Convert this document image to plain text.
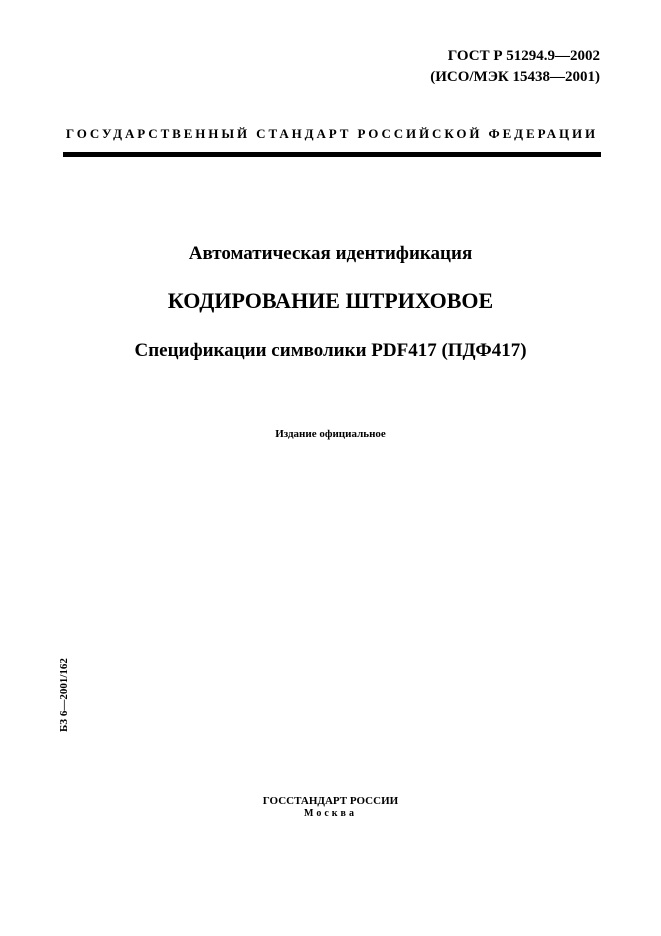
ГОСТ Р 51294.9—2002
(ИСО/МЭК 15438—2001)
ГОСУДАРСТВЕННЫЙ СТАНДАРТ РОССИЙСКОЙ ФЕДЕРАЦИИ
Автоматическая идентификация
КОДИРОВАНИЕ ШТРИХОВОЕ
Спецификации символики PDF417 (ПДФ417)
Издание официальное
БЗ 6—2001/162
ГОССТАНДАРТ РОССИИ
Москва
